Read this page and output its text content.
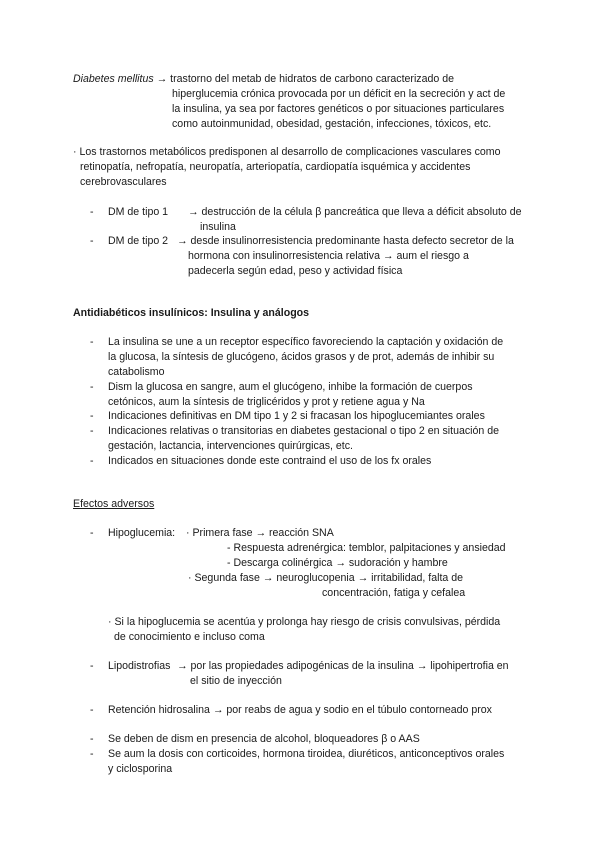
Diabetes mellitus → trastorno del metab de hidratos de carbono caracterizado de
hiperglucemia crónica provocada por un déficit en la secreción y act de
la insulina, ya sea por factores genéticos o por situaciones particulares
como autoinmunidad, obesidad, gestación, infecciones, tóxicos, etc.
· Los trastornos metabólicos predisponen al desarrollo de complicaciones vasculares como
retinopatía, nefropatía, neuropatía, arteriopatía, cardiopatía isquémica y accidentes
cerebrovasculares
- DM de tipo 1 → destrucción de la célula β pancreática que lleva a déficit absoluto de
insulina
- DM de tipo 2 → desde insulinorresistencia predominante hasta defecto secretor de la
hormona con insulinorresistencia relativa → aum el riesgo a
padecerla según edad, peso y actividad física
Antidiabéticos insulínicos: Insulina y análogos
- La insulina se une a un receptor específico favoreciendo la captación y oxidación de
la glucosa, la síntesis de glucógeno, ácidos grasos y de prot, además de inhibir su
catabolismo
- Dism la glucosa en sangre, aum el glucógeno, inhibe la formación de cuerpos
cetónicos, aum la síntesis de triglicéridos y prot y retiene agua y Na
- Indicaciones definitivas en DM tipo 1 y 2 si fracasan los hipoglucemiantes orales
- Indicaciones relativas o transitorias en diabetes gestacional o tipo 2 en situación de
gestación, lactancia, intervenciones quirúrgicas, etc.
- Indicados en situaciones donde este contraind el uso de los fx orales
Efectos adversos
- Hipoglucemia: · Primera fase → reacción SNA
- Respuesta adrenérgica: temblor, palpitaciones y ansiedad
- Descarga colinérgica → sudoración y hambre
· Segunda fase → neuroglucopenia → irritabilidad, falta de
concentración, fatiga y cefalea
· Si la hipoglucemia se acentúa y prolonga hay riesgo de crisis convulsivas, pérdida
de conocimiento e incluso coma
- Lipodistrofias → por las propiedades adipogénicas de la insulina → lipohipertrofia en
el sitio de inyección
- Retención hidrosalina → por reabs de agua y sodio en el túbulo contorneado prox
- Se deben de dism en presencia de alcohol, bloqueadores β o AAS
- Se aum la dosis con corticoides, hormona tiroidea, diuréticos, anticonceptivos orales
y ciclosporina
